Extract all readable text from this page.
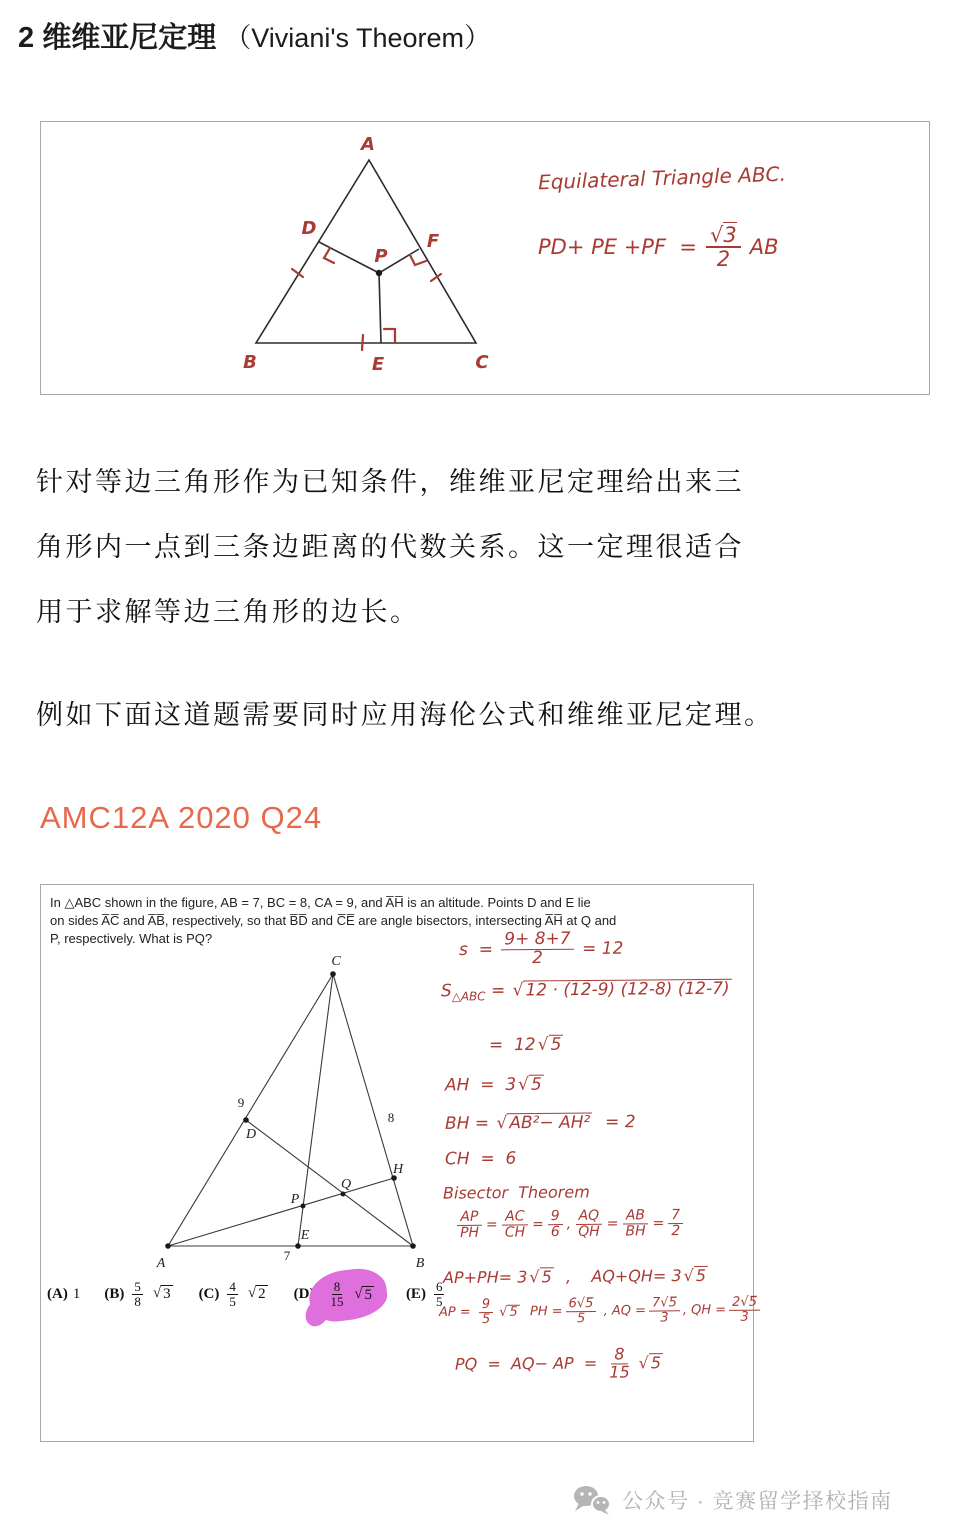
2 维维亚尼定理 （Viviani's Theorem）
A
B	C
D
F
P
E
Equilateral Triangle ABC.
PD+ PE $+PF = \frac{√3}{2}$ AB
针对等边三角形作为已知条件，维维亚尼定理给出来三
角形内一点到三条边距离的代数关系。这一定理很适合
用于求解等边三角形的边长。
例如下面这道题需要同时应用海伦公式和维维亚尼定理。
AMC12A 2020 Q24
In △ABC shown in the figure, AB = 7, BC = 8, CA = 9, and A̅H̅ is an altitude. Points D and E lie
on sides A̅C̅ and A̅B̅, respectively, so that B̅D̅ and C̅E̅ are angle bisectors, intersecting A̅H̅ at Q and
P, respectively. What is PQ?
A	B
C
D
H
Q
P
E
9
8
7
(A) 1 (B) 5
8
√ 3 (C) 4
5
√ 2 $(D) \frac{8}{15}$
√ 5 (E) 6
5
$s = \frac{9+ 8+7}{2} = 12$
$S_{\triangle ABC}$ = √ 12 · (12-9) (12-8) (12-7)
=  12 √ 5
AH  =  3 √ 5
BH = √ AB²− AH² = 2
CH  =  6
Bisector  Theorem
$\frac{AP}{PH} = \frac{AC}{CH} = \frac{9}{6}$ , $\frac{AQ}{QH} = \frac{AB}{BH} = \frac{7}{2}$
AP+PH= 3 √ 5 ,    AQ+QH= 3 √ 5
AP = $\frac{9}{5}$ √ 5 PH = $\frac{6√5̅}{5}$ , AQ = $\frac{7√5̅}{3}$ , QH = $\frac{2√5̅}{3}$
PQ  =  AQ− AP  = $\frac{8}{15}$ √ 5
公众号 · 竞赛留学择校指南
